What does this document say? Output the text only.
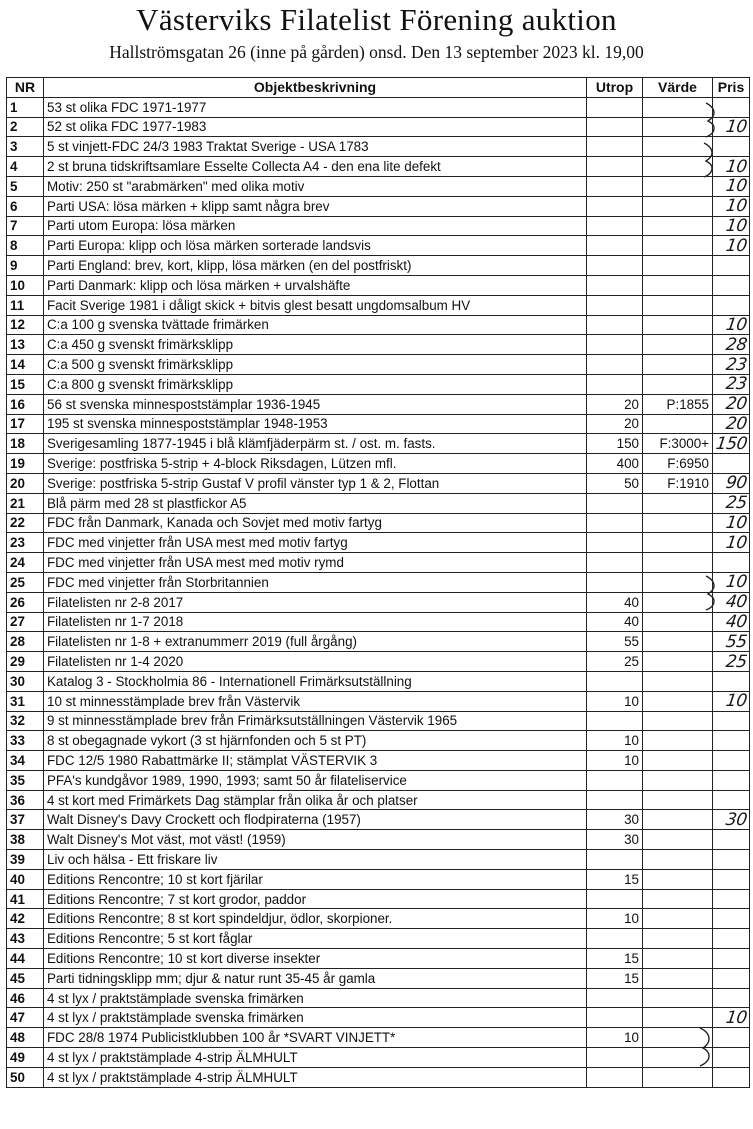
Västerviks Filatelist Förening auktion
Hallströmsgatan 26 (inne på gården) onsd. Den 13 september 2023 kl. 19,00
NR	Objektbeskrivning	Utrop	Värde	Pris
1	53 st olika FDC 1971-1977			
2	52 st olika FDC 1977-1983			10
3	5 st vinjett-FDC 24/3 1983 Traktat Sverige - USA 1783			
4	2 st bruna tidskriftsamlare Esselte Collecta A4 - den ena lite defekt			10
5	Motiv: 250 st "arabmärken" med olika motiv			10
6	Parti USA: lösa märken + klipp samt några brev			10
7	Parti utom Europa: lösa märken			10
8	Parti Europa: klipp och lösa märken sorterade landsvis			10
9	Parti England: brev, kort, klipp, lösa märken (en del postfriskt)			
10	Parti Danmark: klipp och lösa märken + urvalshäfte			
11	Facit Sverige 1981 i dåligt skick + bitvis glest besatt ungdomsalbum HV			
12	C:a 100 g svenska tvättade frimärken			10
13	C:a 450 g svenskt frimärksklipp			28
14	C:a 500 g svenskt frimärksklipp			23
15	C:a 800 g svenskt frimärksklipp			23
16	56 st svenska minnespoststämplar 1936-1945	20	P:1855	20
17	195 st svenska minnespoststämplar 1948-1953	20		20
18	Sverigesamling 1877-1945 i blå klämfjäderpärm st. / ost. m. fasts.	150	F:3000+	150
19	Sverige: postfriska 5-strip + 4-block Riksdagen, Lützen mfl.	400	F:6950	
20	Sverige: postfriska 5-strip Gustaf V profil vänster typ 1 & 2, Flottan	50	F:1910	90
21	Blå pärm med 28 st plastfickor A5			25
22	FDC från Danmark, Kanada och Sovjet med motiv fartyg			10
23	FDC med vinjetter från USA mest med motiv fartyg			10
24	FDC med vinjetter från USA mest med motiv rymd			
25	FDC med vinjetter från Storbritannien			10
26	Filatelisten nr 2-8 2017	40		40
27	Filatelisten nr 1-7 2018	40		40
28	Filatelisten nr 1-8 + extranummerr 2019 (full årgång)	55		55
29	Filatelisten nr 1-4 2020	25		25
30	Katalog 3 - Stockholmia 86 - Internationell Frimärksutställning			
31	10 st minnesstämplade brev från Västervik	10		10
32	9 st minnesstämplade brev från Frimärksutställningen Västervik 1965			
33	8 st obegagnade vykort (3 st hjärnfonden och 5 st PT)	10		
34	FDC 12/5 1980 Rabattmärke II; stämplat VÄSTERVIK 3	10		
35	PFA's kundgåvor 1989, 1990, 1993; samt 50 år filateliservice			
36	4 st kort med Frimärkets Dag stämplar från olika år och platser			
37	Walt Disney's Davy Crockett och flodpiraterna (1957)	30		30
38	Walt Disney's Mot väst, mot väst! (1959)	30		
39	Liv och hälsa - Ett friskare liv			
40	Editions Rencontre; 10 st kort fjärilar	15		
41	Editions Rencontre; 7 st kort grodor, paddor			
42	Editions Rencontre; 8 st kort spindeldjur, ödlor, skorpioner.	10		
43	Editions Rencontre; 5 st kort fåglar			
44	Editions Rencontre; 10 st kort diverse insekter	15		
45	Parti tidningsklipp mm; djur & natur runt 35-45 år gamla	15		
46	4 st lyx / praktstämplade svenska frimärken			
47	4 st lyx / praktstämplade svenska frimärken			10
48	FDC 28/8 1974 Publicistklubben 100 år *SVART VINJETT*	10		
49	4 st lyx / praktstämplade 4-strip ÄLMHULT			
50	4 st lyx / praktstämplade 4-strip ÄLMHULT			
